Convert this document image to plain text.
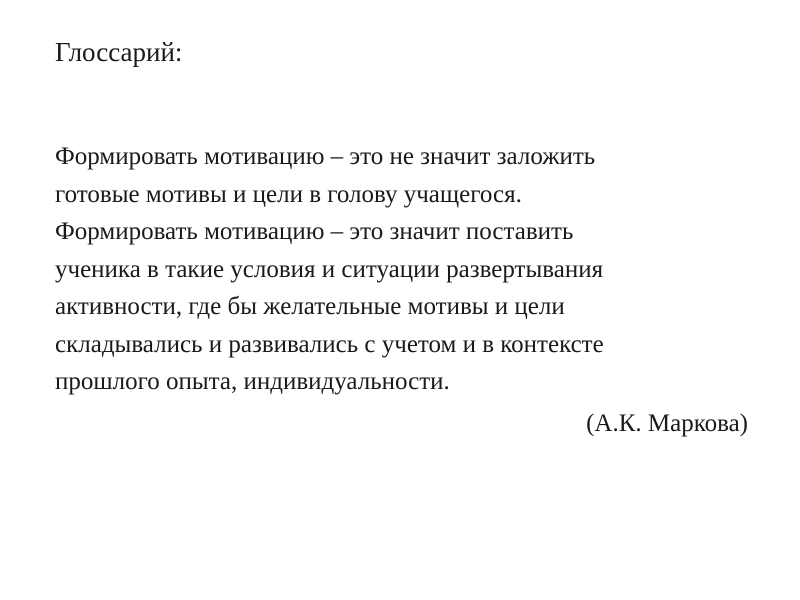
Глоссарий:
Формировать мотивацию – это не значит заложить
готовые мотивы и цели в голову учащегося.
Формировать мотивацию – это значит поставить
ученика в такие условия и ситуации развертывания
активности, где бы желательные мотивы и цели
складывались и развивались с учетом и в контексте
прошлого опыта, индивидуальности.
(А.К. Маркова)
